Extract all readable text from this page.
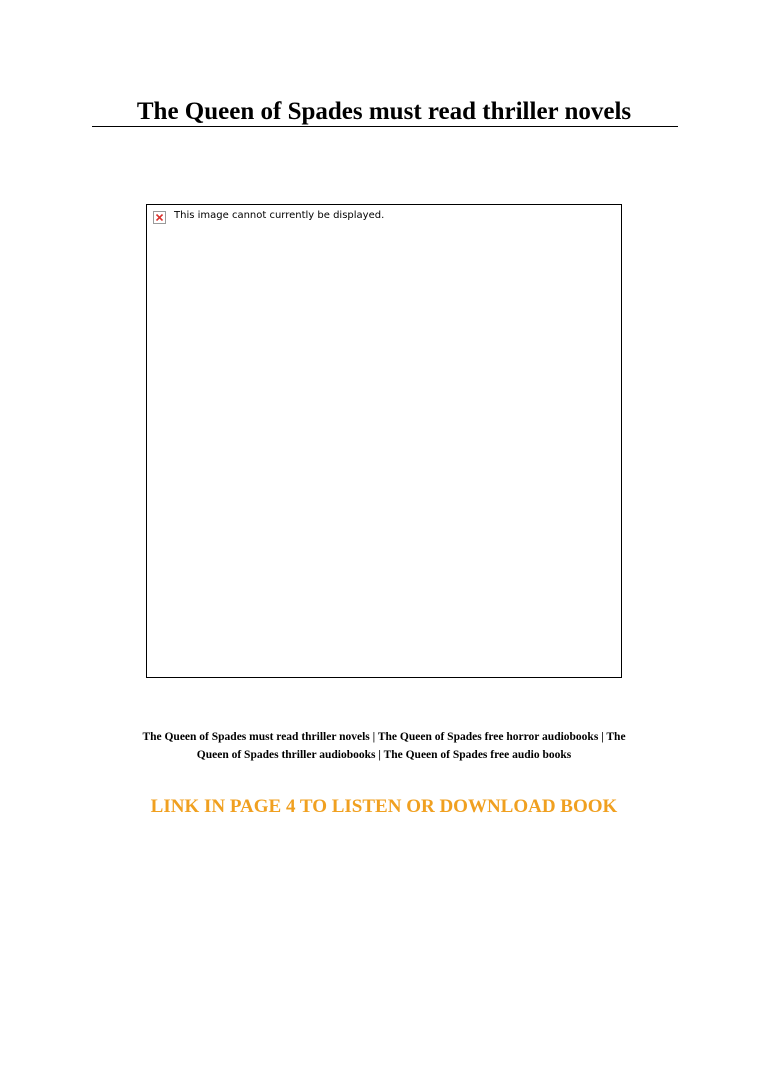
The Queen of Spades must read thriller novels
This image cannot currently be displayed.

The Queen of Spades must read thriller novels | The Queen of Spades free horror audiobooks | The
Queen of Spades thriller audiobooks | The Queen of Spades free audio books

LINK IN PAGE 4 TO LISTEN OR DOWNLOAD BOOK
